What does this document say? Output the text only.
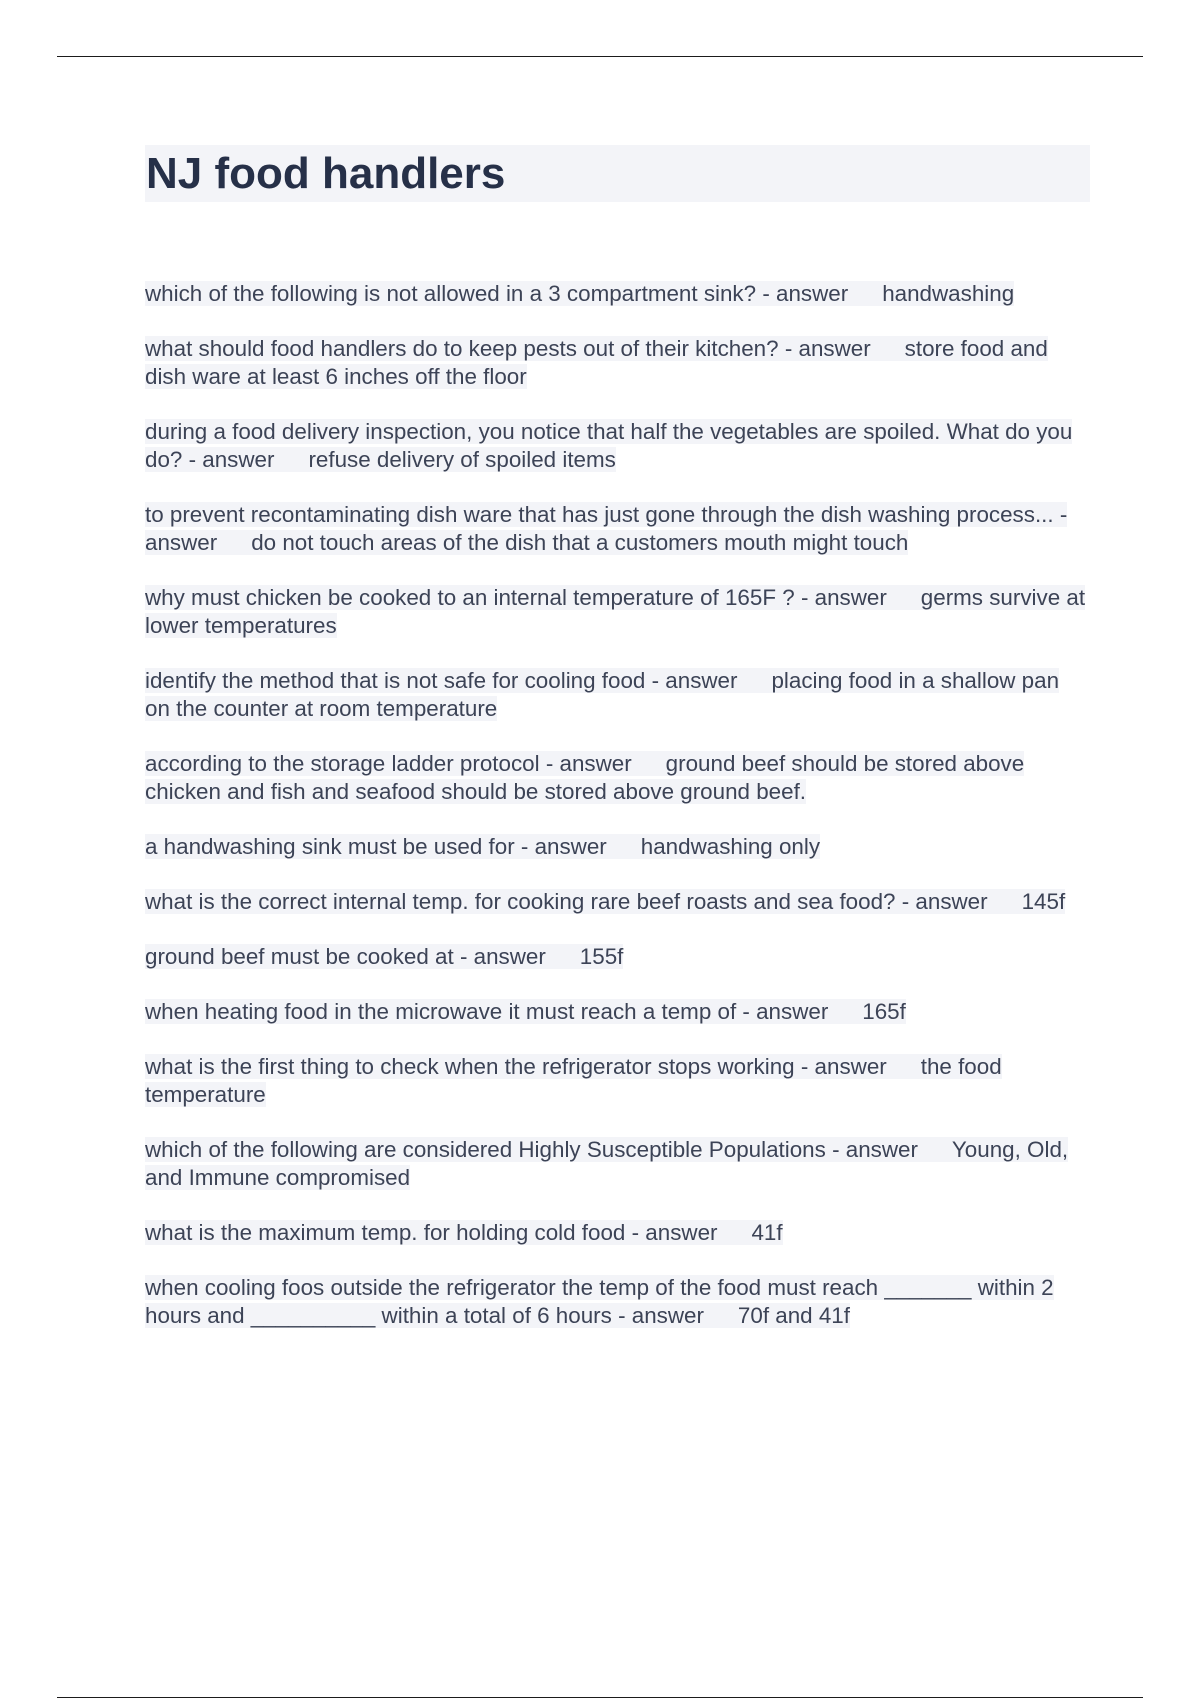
NJ food handlers

which of the following is not allowed in a 3 compartment sink? - answer handwashing

what should food handlers do to keep pests out of their kitchen? - answer store food and dish ware at least 6 inches off the floor

during a food delivery inspection, you notice that half the vegetables are spoiled. What do you do? - answer refuse delivery of spoiled items

to prevent recontaminating dish ware that has just gone through the dish washing process... - answer do not touch areas of the dish that a customers mouth might touch

why must chicken be cooked to an internal temperature of 165F ? - answer germs survive at lower temperatures

identify the method that is not safe for cooling food - answer placing food in a shallow pan on the counter at room temperature

according to the storage ladder protocol - answer ground beef should be stored above chicken and fish and seafood should be stored above ground beef.

a handwashing sink must be used for - answer handwashing only

what is the correct internal temp. for cooking rare beef roasts and sea food? - answer 145f

ground beef must be cooked at - answer 155f

when heating food in the microwave it must reach a temp of - answer 165f

what is the first thing to check when the refrigerator stops working - answer the food temperature

which of the following are considered Highly Susceptible Populations - answer Young, Old, and Immune compromised

what is the maximum temp. for holding cold food - answer 41f

when cooling foos outside the refrigerator the temp of the food must reach _______ within 2 hours and __________ within a total of 6 hours - answer 70f and 41f
